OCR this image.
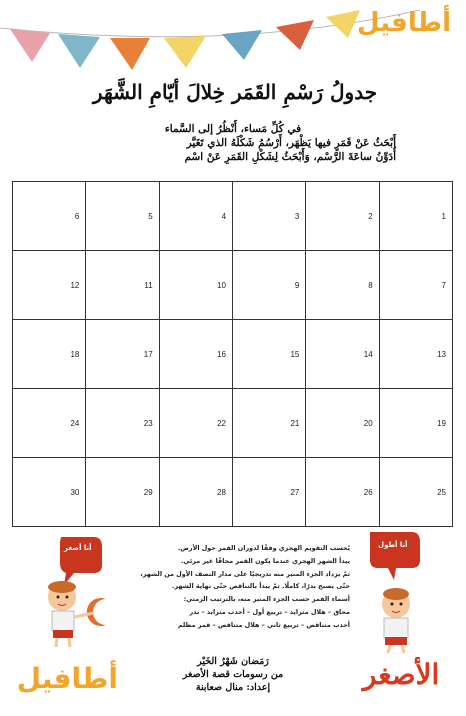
أطافيل
جدولُ رَسْمِ القَمَر خِلالَ أيّامِ الشَّهَر
في كُلِّ مَساء، أَنْظُرُ إلى السَّماء
أَبْحَثُ عَنْ قَمَرٍ فيها يَظْهَر، أَرْسُمُ شَكْلَهُ الذي تَغَيَّر
أُدَوِّنُ ساعَةَ الرَّسْم، وَأَبْحَثُ لِشَكْلِ القَمَرِ عَنْ اسْم
1	2	3	4	5	6
7	8	9	10	11	12
13	14	15	16	17	18
19	20	21	22	23	24
25	26	27	28	29	30
أنا أصغر	أنا أطول
يُحسب التقويم الهجري وفقًا لدوران القمر حول الأرض.
يبدأ الشهر الهجري عندما يكون القمر محاقًا غير مرئي.
ثمّ يزداد الجزء المنير منه تدريجيًا على مدار النصف الأول من الشهر،
حتّى يصبح بدرًا، كاملًا. ثمّ يبدأ بالتناقص حتّى نهاية الشهر.
أسماء القمر حسب الجزء المنير منه، بالترتيب الزمني:
محاق – هلال متزايد – تربيع أول – أحدب متزايد – بدر
أحدب متناقص – تربيع ثاني – هلال متناقص – قمر مظلم
رَمَضان شَهْرُ الخَيْر
من رسومات قصة الأصغر
إعداد: منال صعابنة
أطافيل	الأصغر
